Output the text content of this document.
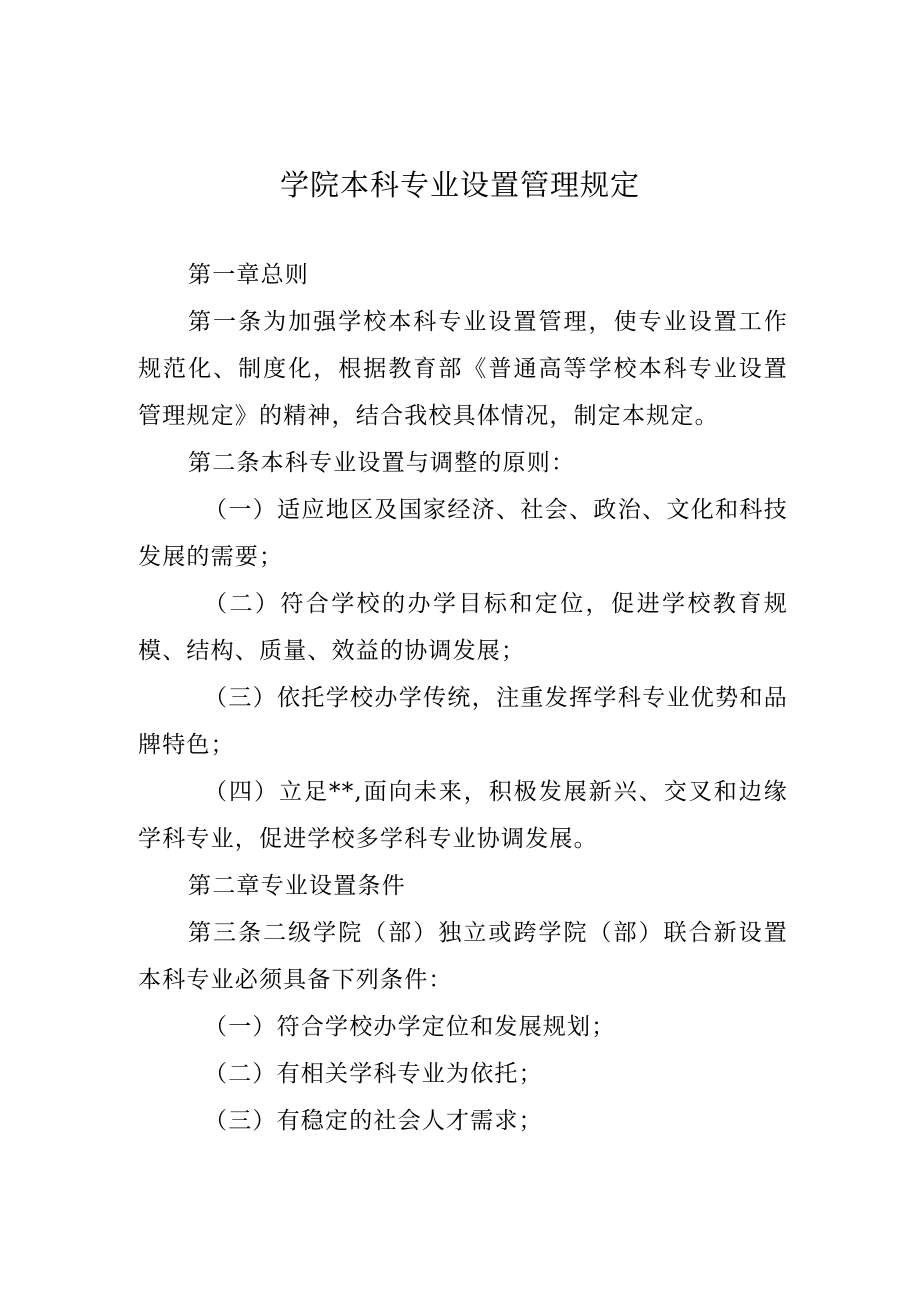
学院本科专业设置管理规定

第一章总则

第一条为加强学校本科专业设置管理，使专业设置工作规范化、制度化，根据教育部《普通高等学校本科专业设置管理规定》的精神，结合我校具体情况，制定本规定。

第二条本科专业设置与调整的原则：

（一）适应地区及国家经济、社会、政治、文化和科技发展的需要；

（二）符合学校的办学目标和定位，促进学校教育规模、结构、质量、效益的协调发展；

（三）依托学校办学传统，注重发挥学科专业优势和品牌特色；

（四）立足**,面向未来，积极发展新兴、交叉和边缘学科专业，促进学校多学科专业协调发展。

第二章专业设置条件

第三条二级学院（部）独立或跨学院（部）联合新设置本科专业必须具备下列条件：

（一）符合学校办学定位和发展规划；

（二）有相关学科专业为依托；

（三）有稳定的社会人才需求；
